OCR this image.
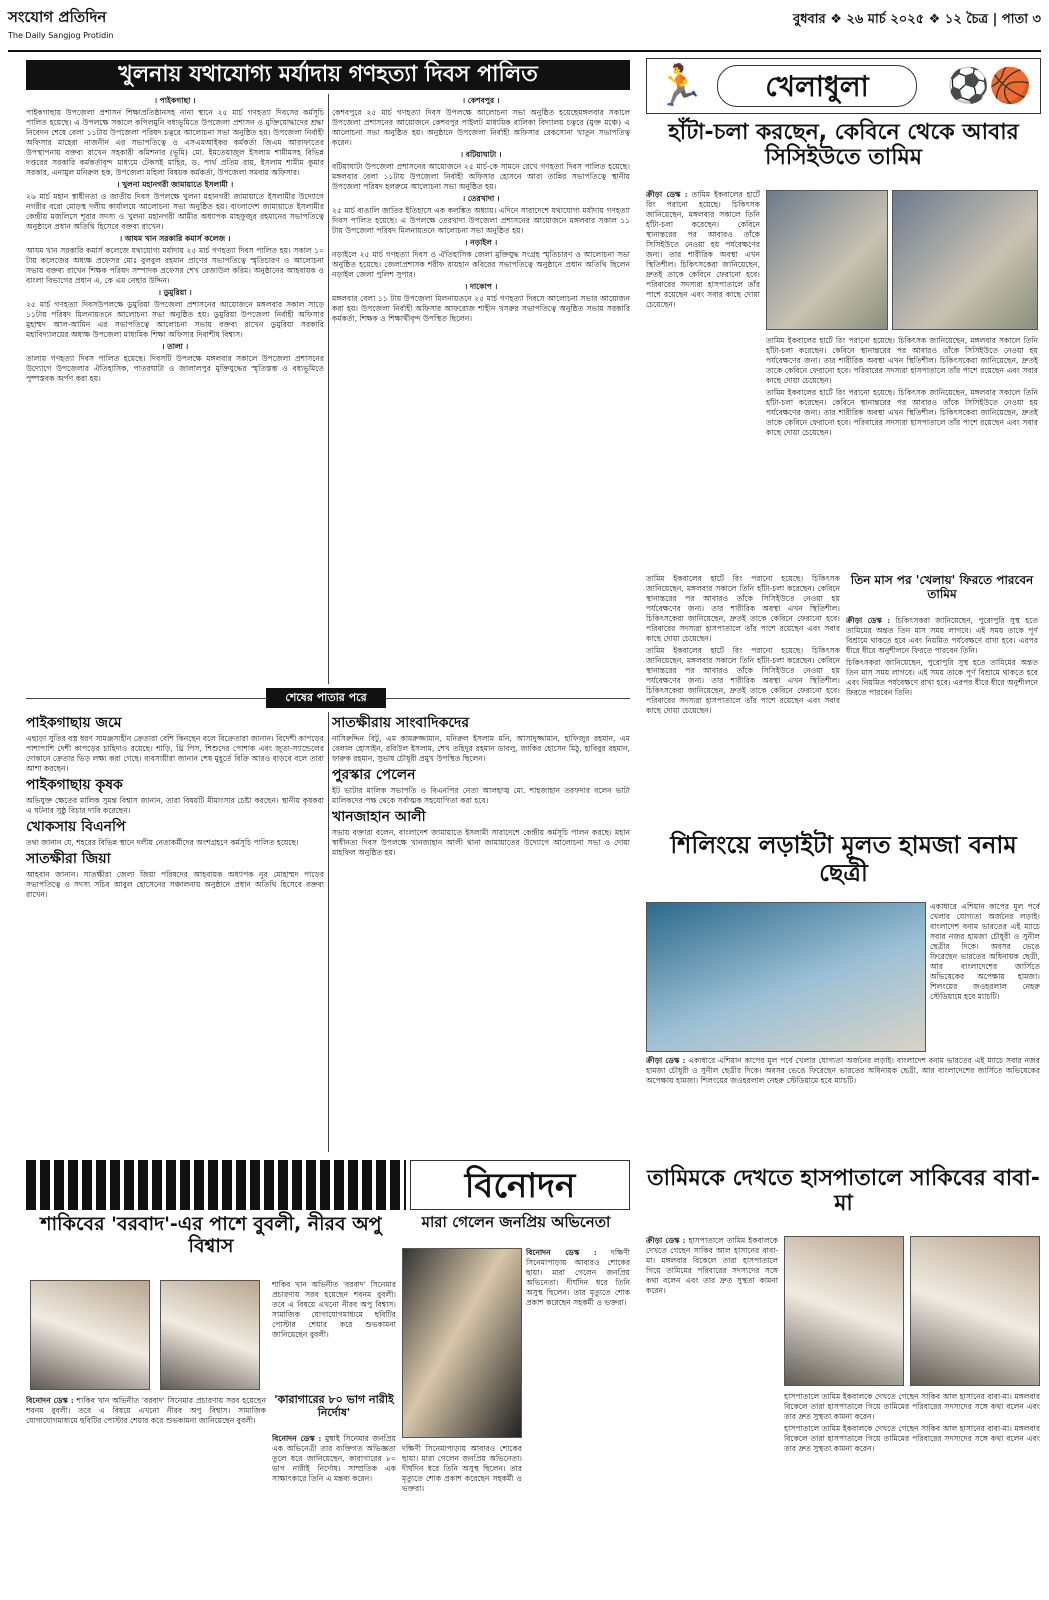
সংযোগ প্রতিদিন
The Daily Sangjog Protidin
বুধবার ❖ ২৬ মার্চ ২০২৫ ❖ ১২ চৈত্র | পাতা ৩
খুলনায় যথাযোগ্য মর্যাদায় গণহত্যা দিবস পালিত
। পাইকগাছা ।

পাইকগাছায় উপজেলা প্রশাসন শিক্ষাপ্রতিষ্ঠানসহ নানা স্থানে ২৫ মার্চ গণহত্যা দিবসের কর্মসূচি পালিত হয়েছে। এ উপলক্ষে সকালে কপিলমুনি বধ্যভূমিতে উপজেলা প্রশাসন ও মুক্তিযোদ্ধাদের শ্রদ্ধা নিবেদন শেষে বেলা ১১টায় উপজেলা পরিষদ চত্বরে আলোচনা সভা অনুষ্ঠিত হয়। উপজেলা নির্বাহী অফিসার মাহেরা নাজনীন এর সভাপতিত্বে ও এসএমআইকর কর্মকর্তা জিএম আরাফাতের উপস্থাপনায় বক্তব্য রাখেন সহকারী কমিশনার (ভূমি) মো. ইমতেয়াজুল ইসলাম শামীমসহ বিভিন্ন দপ্তরের সরকারি কর্মকর্তাবৃন্দ মাধ্যমে টেকসই মাহির, ড. পার্থ প্রতিম রায়, ইসলাম শামীম কুমার সরকার, এনামুল মনিরুল হক, উপজেলা মহিলা বিষয়ক কর্মকর্তা, উপজেলা সমবায় অফিসার।

। খুলনা মহানগরী জামায়াতে ইসলামী ।

২৬ মার্চ মহান স্বাধীনতা ও জাতীয় দিবস উপলক্ষে খুলনা মহানগরী জামায়াতে ইসলামীর উদ্যোগে নগরীর বরো মোড়স্থ দলীয় কার্যালয়ে আলোচনা সভা অনুষ্ঠিত হয়। বাংলাদেশ জামায়াতে ইসলামীর কেন্দ্রীয় মজলিসে শূরার সদস্য ও খুলনা মহানগরী আমীর অধ্যাপক মাহফুজুর রহমানের সভাপতিত্বে অনুষ্ঠানে প্রধান অতিথি হিসেবে বক্তব্য রাখেন।

। আযম খান সরকারি কমার্স কলেজ ।

আযম খান সরকারি কমার্স কলেজে যথাযোগ্য মর্যাদায় ২৫ মার্চ গণহত্যা দিবস পালিত হয়। সকাল ১০ টায় কলেজের অধ্যক্ষ প্রফেসর মোঃ বুলবুল রহমান প্রাণের সভাপতিত্বে স্মৃতিচারণ ও আলোচনা সভায় বক্তব্য রাখেন শিক্ষক পরিষদ সম্পাদক প্রফেসর শেখ রেজাউল করিম। অনুষ্ঠানের আহবায়ক ও বাংলা বিভাগের প্রধান এ, কে এম নেছার উদ্দিন।

। ডুমুরিয়া ।

২৫ মার্চ গণহত্যা দিবসউপলক্ষে ডুমুরিয়া উপজেলা প্রশাসনের আয়োজনে মঙ্গলবার সকাল সাড়ে ১১টায় পরিষদ মিলনায়তনে আলোচনা সভা অনুষ্ঠিত হয়। ডুমুরিয়া উপজেলা নির্বাহী অফিসার মুহাম্মদ আল-আমিন এর সভাপতিত্বে আলোচনা সভায় বক্তব্য রাখেন ডুমুরিয়া সরকারি মহাবিদ্যালয়ের অধ্যক্ষ উপজেলা মাধ্যমিক শিক্ষা অফিসার দিবাশীষ বিশ্বাস।

। তালা ।

তালায় গণহত্যা দিবস পালিত হয়েছে। দিবসটি উপলক্ষে মঙ্গলবার সকালে উপজেলা প্রশাসনের উদ্যোগে উপজেলার ঐতিহাসিক, পাতরঘাটা ও জালালপুর মুক্তিযুদ্ধের স্মৃতিস্তম্ভ ও বধ্যভূমিতে পুষ্পস্তবক অর্পণ করা হয়।

। কেশবপুর ।

কেশবপুরে ২৫ মার্চ গণহত্যা দিবস উপলক্ষে আলোচনা সভা অনুষ্ঠিত হয়েছেমঙ্গলবার সকালে উপজেলা প্রশাসনের আয়োজনে কেশবপুর পাইলট মাধ্যমিক বালিকা বিদ্যালয় চত্বরে (মুক্ত মঞ্চে) এ আলোচনা সভা অনুষ্ঠিত হয়। অনুষ্ঠানে উপজেলা নির্বাহী অফিসার রেকসোনা খাতুন সভাপতিত্ব করেন।

। বটিয়াঘাটা ।

বটিয়াঘাটা উপজেলা প্রশাসনের আয়োজনে ২৫ মার্চ-কে সামনে রেখে গণহত্যা দিবস পালিত হয়েছে। মঙ্গলবার বেলা ১১টায় উপজেলা নির্বাহী অফিসার হোসনে আরা তান্নির সভাপতিত্বে স্থানীয় উপজেলা পরিষদ হলরুমে আলোচনা সভা অনুষ্ঠিত হয়।

। তেরখাদা ।

২৫ মার্চ বাঙালি জাতির ইতিহাসে এক কলঙ্কিত অধ্যায়। এদিনে সারাদেশে যথাযোগ্য মর্যাদায় গণহত্যা দিবস পালিত হয়েছে। এ উপলক্ষে তেরখাদা উপজেলা প্রশাসনের আয়োজনে মঙ্গলবার সকাল ১১ টায় উপজেলা পরিষদ মিলনায়তনে আলোচনা সভা অনুষ্ঠিত হয়।

। নড়াইল ।

নড়াইলে ২৫ মার্চ গণহত্যা দিবস ও ঐতিহাসিক জেলা মুক্তিযুদ্ধ সংগ্রহ স্মৃতিচারণ ও আলোচনা সভা অনুষ্ঠিত হয়েছে। জেলাপ্রশাসক শরীফ রায়হান কবিরের সভাপতিত্বে অনুষ্ঠানে প্রধান অতিথি ছিলেন নড়াইল জেলা পুলিশ সুপার।

। দাকোপ ।

মঙ্গলবার বেলা ১১ টায় উপজেলা মিলনায়তনে ২৫ মার্চ গণহত্যা দিবসে আলোচনা সভার আয়োজন করা হয়। উপজেলা নির্বাহী অফিসার আফরোজ শাহীন খসরুর সভাপতিত্বে অনুষ্ঠিত সভায় সরকারি কর্মকর্তা, শিক্ষক ও শিক্ষার্থীবৃন্দ উপস্থিত ছিলেন।

শেষের পাতার পরে
পাইকগাছায় জমে

এছাড়া সুতির বস্ত্র ধরণ সামঞ্জস্যহীন ক্রেতারা বেশি কিনছেন বলে বিক্রেতারা জানান। বিদেশী কাপড়ের পাশাপাশি দেশী কাপড়ের চাহিদাও রয়েছে। শাড়ি, থ্রি পিস, শিশুদের পোশাক এবং জুতা-স্যান্ডেলের দোকানে ক্রেতার ভিড় লক্ষ্য করা গেছে। ব্যবসায়ীরা জানান শেষ মুহূর্তে বিক্রি আরও বাড়বে বলে তারা আশা করছেন।

পাইকগাছায় কৃষক

অভিযুক্ত ক্ষেতের মালিক সুমন্ত বিশ্বাস জানান, তারা বিষয়টি মীমাংসার চেষ্টা করছেন। স্থানীয় কৃষকরা এ ঘটনার সুষ্ঠু বিচার দাবি করেছেন।

খোকসায় বিএনপি

তথ্য জানান যে, শহরের বিভিন্ন স্থানে দলীয় নেতাকর্মীদের অংশগ্রহণে কর্মসূচি পালিত হয়েছে।

সাতক্ষীরা জিয়া

আহবান জানান। সাতক্ষীরা জেলা জিয়া পরিষদের আহবায়ক অধ্যাপক নূর মোহাম্মদ পাড়ের সভাপতিত্বে ও সদস্য সচিব আবুল হোসেনের সঞ্চালনায় অনুষ্ঠানে প্রধান অতিথি হিসেবে বক্তব্য রাখেন।

সাতক্ষীরায় সাংবাদিকদের

নাসিরুদ্দিন বিটু, এম কামরুজ্জামান, মনিরুল ইসলাম মনি, আসাদুজ্জামান, হাফিজুর রহমান, এম বেলাল হোসাইন, রবিউল ইসলাম, শেখ তহিদুর রহমান ডাবলু, জাকির হোসেন মিঠু, হাবিবুর রহমান, ফারুক রহমান, সুভাষ চৌধুরী প্রমুখ উপস্থিত ছিলেন।

পুরস্কার পেলেন

ইট ভাটার মালিক সভাপতি ও বিএনপির নেতা আলহাজ্ব মো. শাহজাহান তরফদার বলেন ভাটা মালিকদের পক্ষ থেকে সর্বাত্মক সহযোগিতা করা হবে।

খানজাহান আলী

সভায় বক্তারা বলেন, বাংলাদেশ জামায়াতে ইসলামী সারাদেশে কেন্দ্রীয় কর্মসূচি পালন করছে। মহান স্বাধীনতা দিবস উপলক্ষে খানজাহান আলী থানা জামায়াতের উদ্যোগে আলোচনা সভা ও দোয়া মাহফিল অনুষ্ঠিত হয়।

বিনোদন
শাকিবের 'বরবাদ'-এর পাশে বুবলী, নীরব অপু বিশ্বাস

বিনোদন ডেস্ক : শাকিব খান অভিনীত 'বরবাদ' সিনেমার প্রচারণায় সরব হয়েছেন শবনম বুবলী। তবে এ বিষয়ে এখনো নীরব অপু বিশ্বাস। সামাজিক যোগাযোগমাধ্যমে ছবিটির পোস্টার শেয়ার করে শুভকামনা জানিয়েছেন বুবলী।

শাকিব খান অভিনীত 'বরবাদ' সিনেমার প্রচারণায় সরব হয়েছেন শবনম বুবলী। তবে এ বিষয়ে এখনো নীরব অপু বিশ্বাস। সামাজিক যোগাযোগমাধ্যমে ছবিটির পোস্টার শেয়ার করে শুভকামনা জানিয়েছেন বুবলী।

'কারাগারের ৮০ ভাগ নারীই নির্দোষ'

বিনোদন ডেস্ক : মুম্বাই সিনেমার জনপ্রিয় এক অভিনেত্রী তার ব্যক্তিগত অভিজ্ঞতা তুলে ধরে জানিয়েছেন, কারাগারের ৮০ ভাগ নারীই নির্দোষ। সাম্প্রতিক এক সাক্ষাৎকারে তিনি এ মন্তব্য করেন।

মারা গেলেন জনপ্রিয় অভিনেতা

বিনোদন ডেস্ক : দক্ষিণী সিনেমাপাড়ায় আবারও শোকের ছায়া। মারা গেলেন জনপ্রিয় অভিনেতা। দীর্ঘদিন ধরে তিনি অসুস্থ ছিলেন। তার মৃত্যুতে শোক প্রকাশ করেছেন সহকর্মী ও ভক্তরা।

দক্ষিণী সিনেমাপাড়ায় আবারও শোকের ছায়া। মারা গেলেন জনপ্রিয় অভিনেতা। দীর্ঘদিন ধরে তিনি অসুস্থ ছিলেন। তার মৃত্যুতে শোক প্রকাশ করেছেন সহকর্মী ও ভক্তরা।

🏃	খেলাধুলা	⚽🏀
হাঁটা-চলা করছেন, কেবিনে থেকে আবার সিসিইউতে তামিম

ক্রীড়া ডেস্ক : তামিম ইকবালের হার্টে রিং পরানো হয়েছে। চিকিৎসক জানিয়েছেন, মঙ্গলবার সকালে তিনি হাঁটা-চলা করেছেন। কেবিনে স্থানান্তরের পর আবারও তাঁকে সিসিইউতে নেওয়া হয় পর্যবেক্ষণের জন্য। তার শারীরিক অবস্থা এখন স্থিতিশীল। চিকিৎসকেরা জানিয়েছেন, দ্রুতই তাকে কেবিনে ফেরানো হবে। পরিবারের সদস্যরা হাসপাতালে তাঁর পাশে রয়েছেন এবং সবার কাছে দোয়া চেয়েছেন।

তামিম ইকবালের হার্টে রিং পরানো হয়েছে। চিকিৎসক জানিয়েছেন, মঙ্গলবার সকালে তিনি হাঁটা-চলা করেছেন। কেবিনে স্থানান্তরের পর আবারও তাঁকে সিসিইউতে নেওয়া হয় পর্যবেক্ষণের জন্য। তার শারীরিক অবস্থা এখন স্থিতিশীল। চিকিৎসকেরা জানিয়েছেন, দ্রুতই তাকে কেবিনে ফেরানো হবে। পরিবারের সদস্যরা হাসপাতালে তাঁর পাশে রয়েছেন এবং সবার কাছে দোয়া চেয়েছেন।

তামিম ইকবালের হার্টে রিং পরানো হয়েছে। চিকিৎসক জানিয়েছেন, মঙ্গলবার সকালে তিনি হাঁটা-চলা করেছেন। কেবিনে স্থানান্তরের পর আবারও তাঁকে সিসিইউতে নেওয়া হয় পর্যবেক্ষণের জন্য। তার শারীরিক অবস্থা এখন স্থিতিশীল। চিকিৎসকেরা জানিয়েছেন, দ্রুতই তাকে কেবিনে ফেরানো হবে। পরিবারের সদস্যরা হাসপাতালে তাঁর পাশে রয়েছেন এবং সবার কাছে দোয়া চেয়েছেন।

তিন মাস পর 'খেলায়' ফিরতে পারবেন তামিম

ক্রীড়া ডেস্ক : চিকিৎসকরা জানিয়েছেন, পুরোপুরি সুস্থ হতে তামিমের অন্তত তিন মাস সময় লাগবে। এই সময় তাকে পূর্ণ বিশ্রামে থাকতে হবে এবং নিয়মিত পর্যবেক্ষণে রাখা হবে। এরপর ধীরে ধীরে অনুশীলনে ফিরতে পারবেন তিনি।

চিকিৎসকরা জানিয়েছেন, পুরোপুরি সুস্থ হতে তামিমের অন্তত তিন মাস সময় লাগবে। এই সময় তাকে পূর্ণ বিশ্রামে থাকতে হবে এবং নিয়মিত পর্যবেক্ষণে রাখা হবে। এরপর ধীরে ধীরে অনুশীলনে ফিরতে পারবেন তিনি।

তামিম ইকবালের হার্টে রিং পরানো হয়েছে। চিকিৎসক জানিয়েছেন, মঙ্গলবার সকালে তিনি হাঁটা-চলা করেছেন। কেবিনে স্থানান্তরের পর আবারও তাঁকে সিসিইউতে নেওয়া হয় পর্যবেক্ষণের জন্য। তার শারীরিক অবস্থা এখন স্থিতিশীল। চিকিৎসকেরা জানিয়েছেন, দ্রুতই তাকে কেবিনে ফেরানো হবে। পরিবারের সদস্যরা হাসপাতালে তাঁর পাশে রয়েছেন এবং সবার কাছে দোয়া চেয়েছেন।

তামিম ইকবালের হার্টে রিং পরানো হয়েছে। চিকিৎসক জানিয়েছেন, মঙ্গলবার সকালে তিনি হাঁটা-চলা করেছেন। কেবিনে স্থানান্তরের পর আবারও তাঁকে সিসিইউতে নেওয়া হয় পর্যবেক্ষণের জন্য। তার শারীরিক অবস্থা এখন স্থিতিশীল। চিকিৎসকেরা জানিয়েছেন, দ্রুতই তাকে কেবিনে ফেরানো হবে। পরিবারের সদস্যরা হাসপাতালে তাঁর পাশে রয়েছেন এবং সবার কাছে দোয়া চেয়েছেন।

শিলিংয়ে লড়াইটা মূলত হামজা বনাম ছেত্রী

একাধারে এশিয়ান কাপের মূল পর্বে খেলার যোগ্যতা অর্জনের লড়াই। বাংলাদেশ বনাম ভারতের এই ম্যাচে সবার নজর হামজা চৌধুরী ও সুনীল ছেত্রীর দিকে। অবসর ভেঙে ফিরেছেন ভারতের অধিনায়ক ছেত্রী, আর বাংলাদেশের জার্সিতে অভিষেকের অপেক্ষায় হামজা। শিলংয়ের জওহরলাল নেহরু স্টেডিয়ামে হবে ম্যাচটি।

ক্রীড়া ডেস্ক : একাধারে এশিয়ান কাপের মূল পর্বে খেলার যোগ্যতা অর্জনের লড়াই। বাংলাদেশ বনাম ভারতের এই ম্যাচে সবার নজর হামজা চৌধুরী ও সুনীল ছেত্রীর দিকে। অবসর ভেঙে ফিরেছেন ভারতের অধিনায়ক ছেত্রী, আর বাংলাদেশের জার্সিতে অভিষেকের অপেক্ষায় হামজা। শিলংয়ের জওহরলাল নেহরু স্টেডিয়ামে হবে ম্যাচটি।

তামিমকে দেখতে হাসপাতালে সাকিবের বাবা-মা

ক্রীড়া ডেস্ক : হাসপাতালে তামিম ইকবালকে দেখতে গেছেন সাকিব আল হাসানের বাবা-মা। মঙ্গলবার বিকেলে তারা হাসপাতালে গিয়ে তামিমের পরিবারের সদস্যদের সঙ্গে কথা বলেন এবং তার দ্রুত সুস্থতা কামনা করেন।

হাসপাতালে তামিম ইকবালকে দেখতে গেছেন সাকিব আল হাসানের বাবা-মা। মঙ্গলবার বিকেলে তারা হাসপাতালে গিয়ে তামিমের পরিবারের সদস্যদের সঙ্গে কথা বলেন এবং তার দ্রুত সুস্থতা কামনা করেন।

হাসপাতালে তামিম ইকবালকে দেখতে গেছেন সাকিব আল হাসানের বাবা-মা। মঙ্গলবার বিকেলে তারা হাসপাতালে গিয়ে তামিমের পরিবারের সদস্যদের সঙ্গে কথা বলেন এবং তার দ্রুত সুস্থতা কামনা করেন।
